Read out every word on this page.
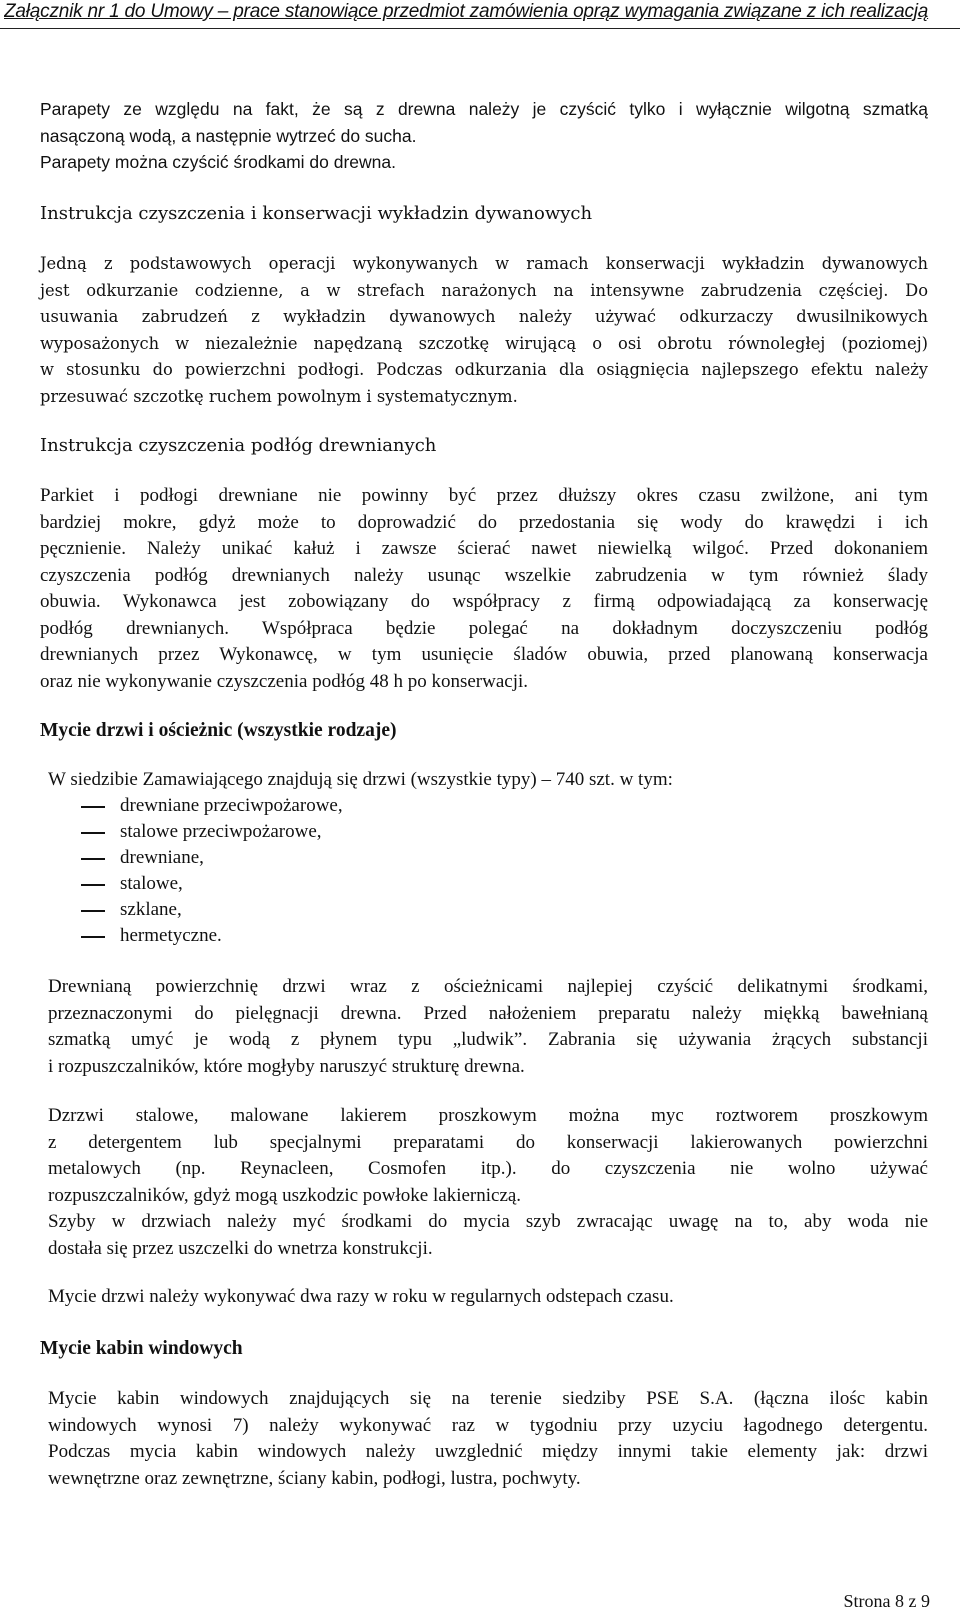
Załącznik nr 1 do Umowy – prace stanowiące przedmiot zamówienia oprąz wymagania związane z ich realizacją
Parapety ze względu na fakt, że są z drewna należy je czyścić tylko i wyłącznie wilgotną szmatką
nasączoną wodą, a następnie wytrzeć do sucha.
Parapety można czyścić środkami do drewna.
Instrukcja czyszczenia i konserwacji wykładzin dywanowych
Jedną z podstawowych operacji wykonywanych w ramach konserwacji wykładzin dywanowych
jest odkurzanie codzienne, a w strefach narażonych na intensywne zabrudzenia częściej. Do
usuwania zabrudzeń z wykładzin dywanowych należy używać odkurzaczy dwusilnikowych
wyposażonych w niezależnie napędzaną szczotkę wirującą o osi obrotu równoległej (poziomej)
w stosunku do powierzchni podłogi. Podczas odkurzania dla osiągnięcia najlepszego efektu należy
przesuwać szczotkę ruchem powolnym i systematycznym.
Instrukcja czyszczenia podłóg drewnianych
Parkiet i podłogi drewniane nie powinny być przez dłuższy okres czasu zwilżone, ani tym
bardziej mokre, gdyż może to doprowadzić do przedostania się wody do krawędzi i ich
pęcznienie. Należy unikać kałuż i zawsze ścierać nawet niewielką wilgoć. Przed dokonaniem
czyszczenia podłóg drewnianych należy usunąc wszelkie zabrudzenia w tym również ślady
obuwia. Wykonawca jest zobowiązany do współpracy z firmą odpowiadającą za konserwację
podłóg drewnianych. Współpraca będzie polegać na dokładnym doczyszczeniu podłóg
drewnianych przez Wykonawcę, w tym usunięcie śladów obuwia, przed planowaną konserwacja
oraz nie wykonywanie czyszczenia podłóg 48 h po konserwacji.
Mycie drzwi i ościeżnic (wszystkie rodzaje)
W siedzibie Zamawiającego znajdują się drzwi (wszystkie typy) – 740 szt. w tym:
drewniane przeciwpożarowe,
stalowe przeciwpożarowe,
drewniane,
stalowe,
szklane,
hermetyczne.
Drewnianą powierzchnię drzwi wraz z ościeżnicami najlepiej czyścić delikatnymi środkami,
przeznaczonymi do pielęgnacji drewna. Przed nałożeniem preparatu należy miękką bawełnianą
szmatką umyć je wodą z płynem typu „ludwik”. Zabrania się używania żrących substancji
i rozpuszczalników, które mogłyby naruszyć strukturę drewna.
Dzrzwi stalowe, malowane lakierem proszkowym można myc roztworem proszkowym
z detergentem lub specjalnymi preparatami do konserwacji lakierowanych powierzchni
metalowych (np. Reynacleen, Cosmofen itp.). do czyszczenia nie wolno używać
rozpuszczalników, gdyż mogą uszkodzic powłoke lakierniczą.
Szyby w drzwiach należy myć środkami do mycia szyb zwracając uwagę na to, aby woda nie
dostała się przez uszczelki do wnetrza konstrukcji.
Mycie drzwi należy wykonywać dwa razy w roku w regularnych odstepach czasu.
Mycie kabin windowych
Mycie kabin windowych znajdujących się na terenie siedziby PSE S.A. (łączna ilośc kabin
windowych wynosi 7) należy wykonywać raz w tygodniu przy uzyciu łagodnego detergentu.
Podczas mycia kabin windowych należy uwzglednić między innymi takie elementy jak: drzwi
wewnętrzne oraz zewnętrzne, ściany kabin, podłogi, lustra, pochwyty.
Strona 8 z 9
